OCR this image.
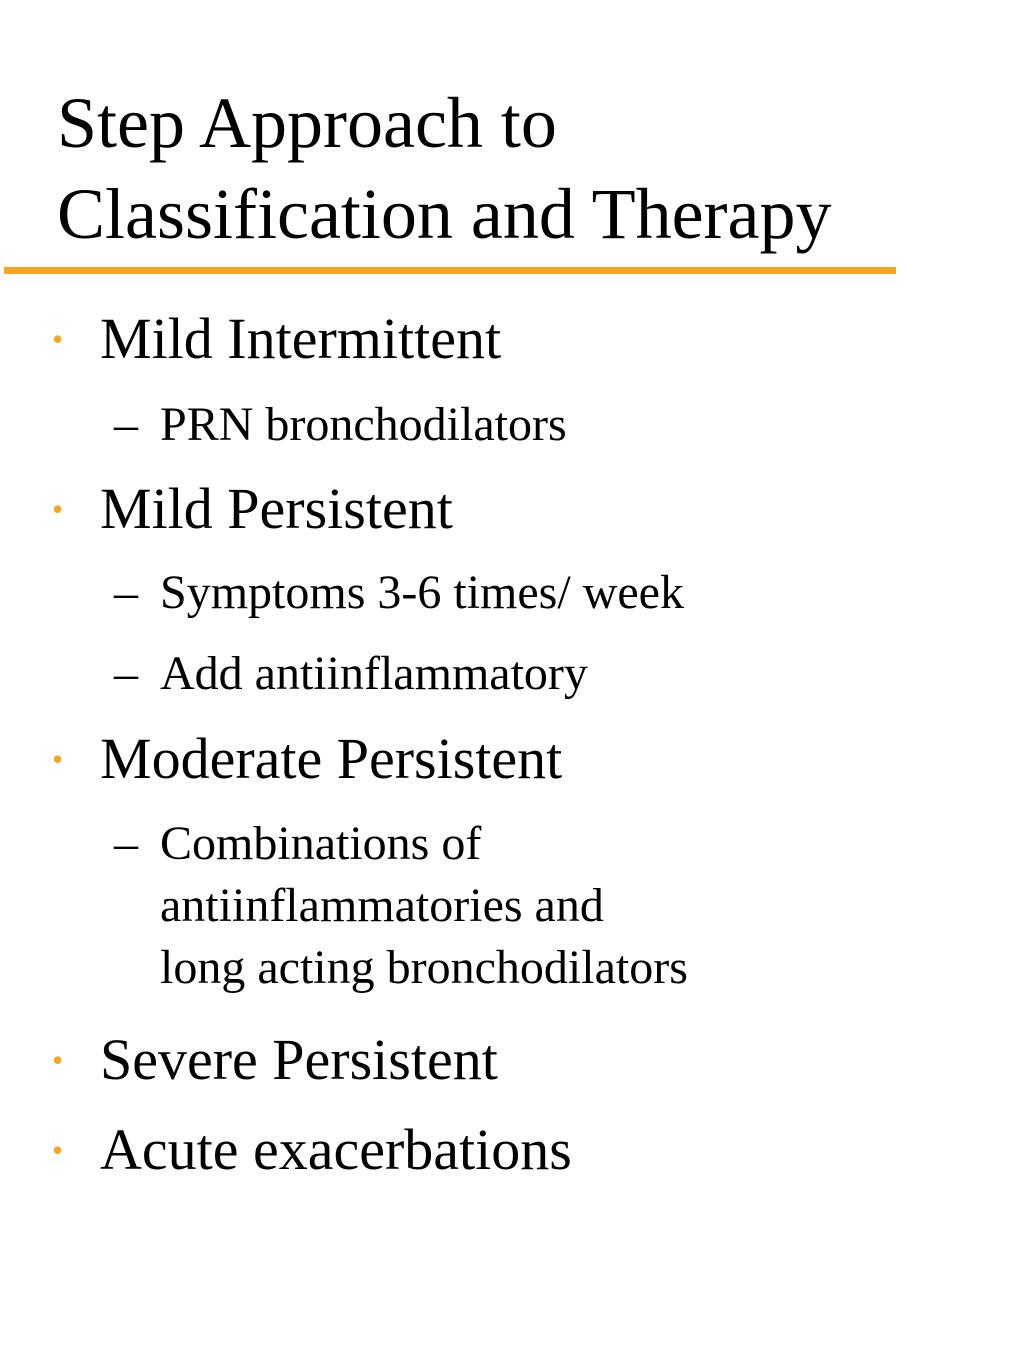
Step Approach to
Classification and Therapy
• Mild Intermittent
– PRN bronchodilators
• Mild Persistent
– Symptoms 3-6 times/ week
– Add antiinflammatory
• Moderate Persistent
– Combinations of
antiinflammatories and
long acting bronchodilators
• Severe Persistent
• Acute exacerbations
